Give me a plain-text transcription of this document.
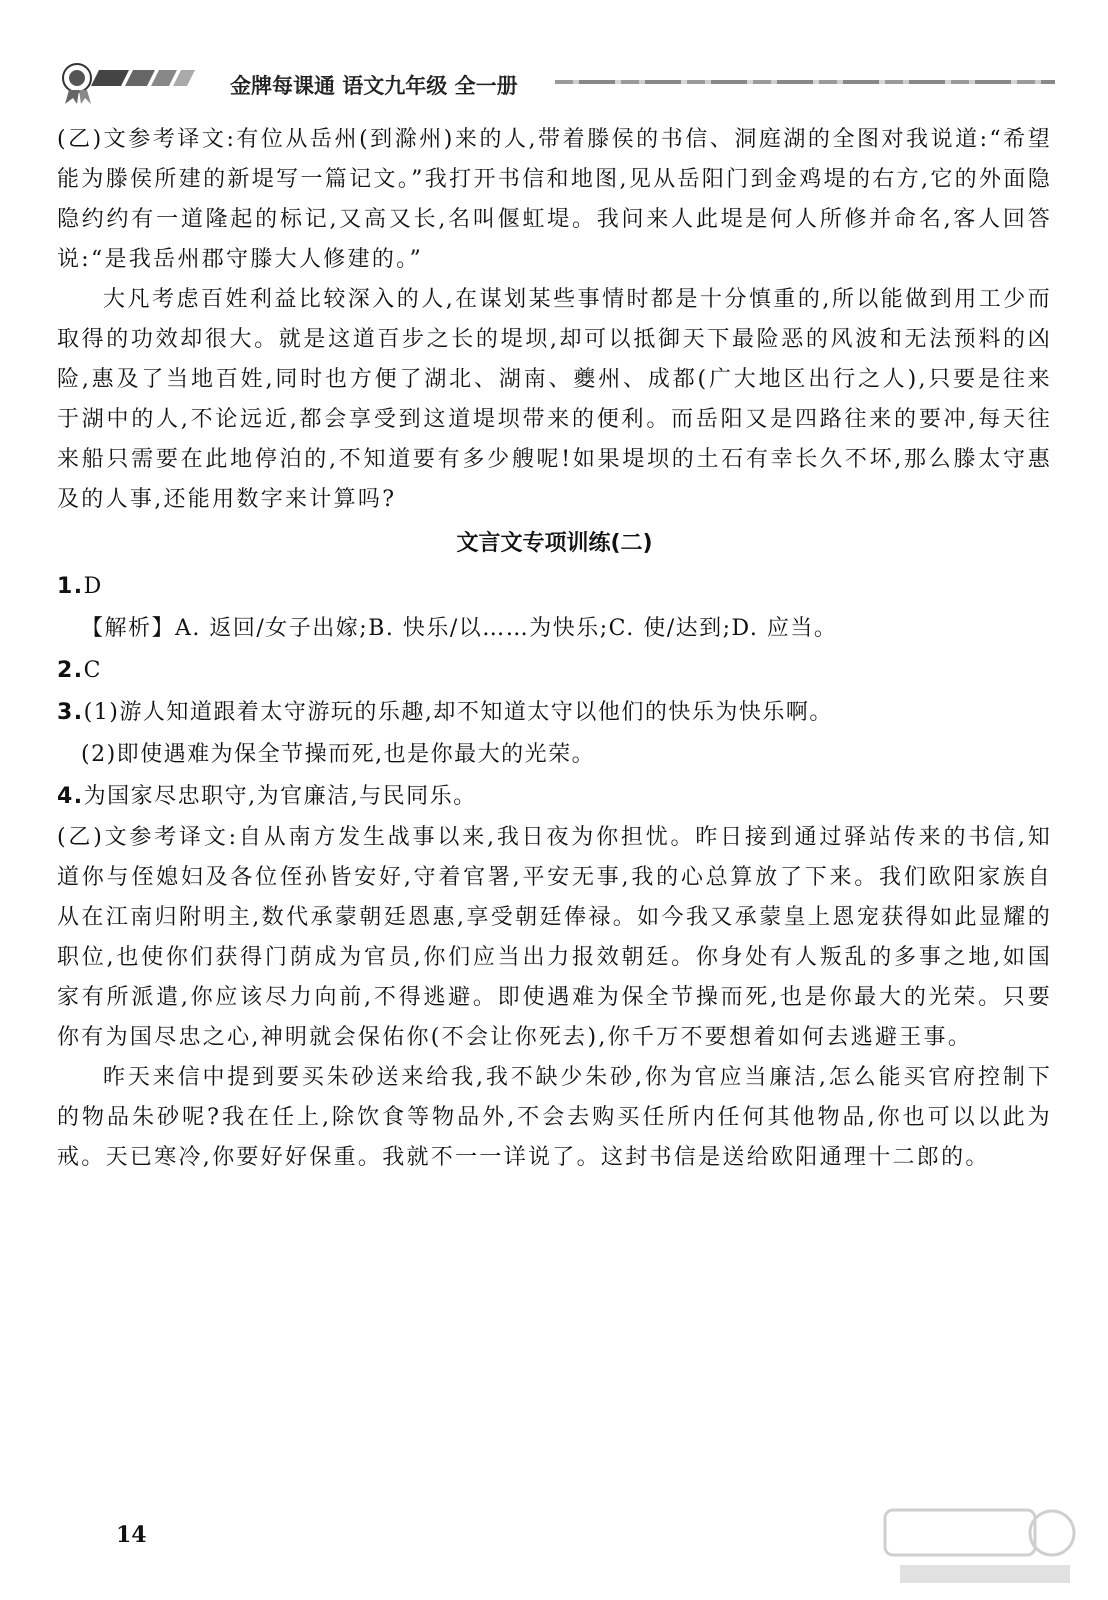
金牌每课通 语文九年级 全一册

(乙)文参考译文:有位从岳州(到滁州)来的人,带着滕侯的书信、洞庭湖的全图对我说道:“希望能为滕侯所建的新堤写一篇记文。”我打开书信和地图,见从岳阳门到金鸡堤的右方,它的外面隐隐约约有一道隆起的标记,又高又长,名叫偃虹堤。我问来人此堤是何人所修并命名,客人回答说:“是我岳州郡守滕大人修建的。”

大凡考虑百姓利益比较深入的人,在谋划某些事情时都是十分慎重的,所以能做到用工少而取得的功效却很大。就是这道百步之长的堤坝,却可以抵御天下最险恶的风波和无法预料的凶险,惠及了当地百姓,同时也方便了湖北、湖南、夔州、成都(广大地区出行之人),只要是往来于湖中的人,不论远近,都会享受到这道堤坝带来的便利。而岳阳又是四路往来的要冲,每天往来船只需要在此地停泊的,不知道要有多少艘呢!如果堤坝的土石有幸长久不坏,那么滕太守惠及的人事,还能用数字来计算吗?

文言文专项训练(二)

1.D

【解析】A. 返回/女子出嫁;B. 快乐/以……为快乐;C. 使/达到;D. 应当。

2.C

3.(1)游人知道跟着太守游玩的乐趣,却不知道太守以他们的快乐为快乐啊。

(2)即使遇难为保全节操而死,也是你最大的光荣。

4.为国家尽忠职守,为官廉洁,与民同乐。

(乙)文参考译文:自从南方发生战事以来,我日夜为你担忧。昨日接到通过驿站传来的书信,知道你与侄媳妇及各位侄孙皆安好,守着官署,平安无事,我的心总算放了下来。我们欧阳家族自从在江南归附明主,数代承蒙朝廷恩惠,享受朝廷俸禄。如今我又承蒙皇上恩宠获得如此显耀的职位,也使你们获得门荫成为官员,你们应当出力报效朝廷。你身处有人叛乱的多事之地,如国家有所派遣,你应该尽力向前,不得逃避。即使遇难为保全节操而死,也是你最大的光荣。只要你有为国尽忠之心,神明就会保佑你(不会让你死去),你千万不要想着如何去逃避王事。

昨天来信中提到要买朱砂送来给我,我不缺少朱砂,你为官应当廉洁,怎么能买官府控制下的物品朱砂呢?我在任上,除饮食等物品外,不会去购买任所内任何其他物品,你也可以以此为戒。天已寒冷,你要好好保重。我就不一一详说了。这封书信是送给欧阳通理十二郎的。

14
